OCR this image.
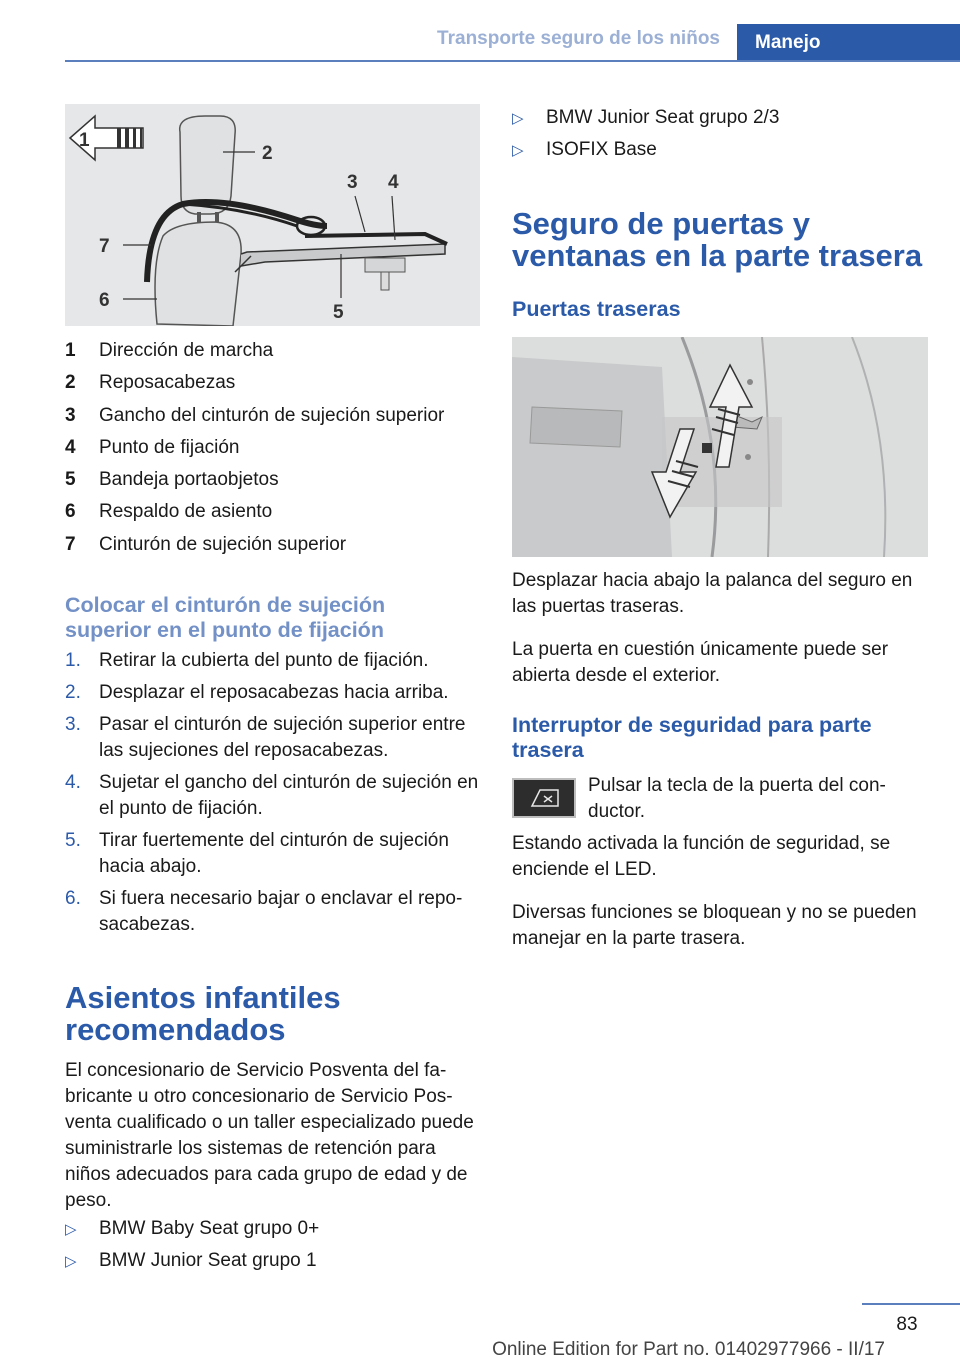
Transporte seguro de los niños	Manejo
1
2
3 4
5
6
7
1	Dirección de marcha
2	Reposacabezas
3	Gancho del cinturón de sujeción superior
4	Punto de fijación
5	Bandeja portaobjetos
6	Respaldo de asiento
7	Cinturón de sujeción superior
Colocar el cinturón de sujeción superior en el punto de fijación
1. Retirar la cubierta del punto de fijación.
2. Desplazar el reposacabezas hacia arriba.
3. Pasar el cinturón de sujeción superior entre las sujeciones del reposacabezas.
4. Sujetar el gancho del cinturón de sujeción en el punto de fijación.
5. Tirar fuertemente del cinturón de sujeción hacia abajo.
6. Si fuera necesario bajar o enclavar el reposacabezas.
Asientos infantiles recomendados
El concesionario de Servicio Posventa del fabricante u otro concesionario de Servicio Posventa cualificado o un taller especializado puede suministrarle los sistemas de retención para niños adecuados para cada grupo de edad y de peso.
▷	BMW Baby Seat grupo 0+
▷	BMW Junior Seat grupo 1
▷	BMW Junior Seat grupo 2/3
▷	ISOFIX Base
Seguro de puertas y ventanas en la parte trasera
Puertas traseras
Desplazar hacia abajo la palanca del seguro en las puertas traseras.
La puerta en cuestión únicamente puede ser abierta desde el exterior.
Interruptor de seguridad para parte trasera
Pulsar la tecla de la puerta del conductor.
Estando activada la función de seguridad, se enciende el LED.
Diversas funciones se bloquean y no se pueden manejar en la parte trasera.
83
Online Edition for Part no. 01402977966 - II/17
